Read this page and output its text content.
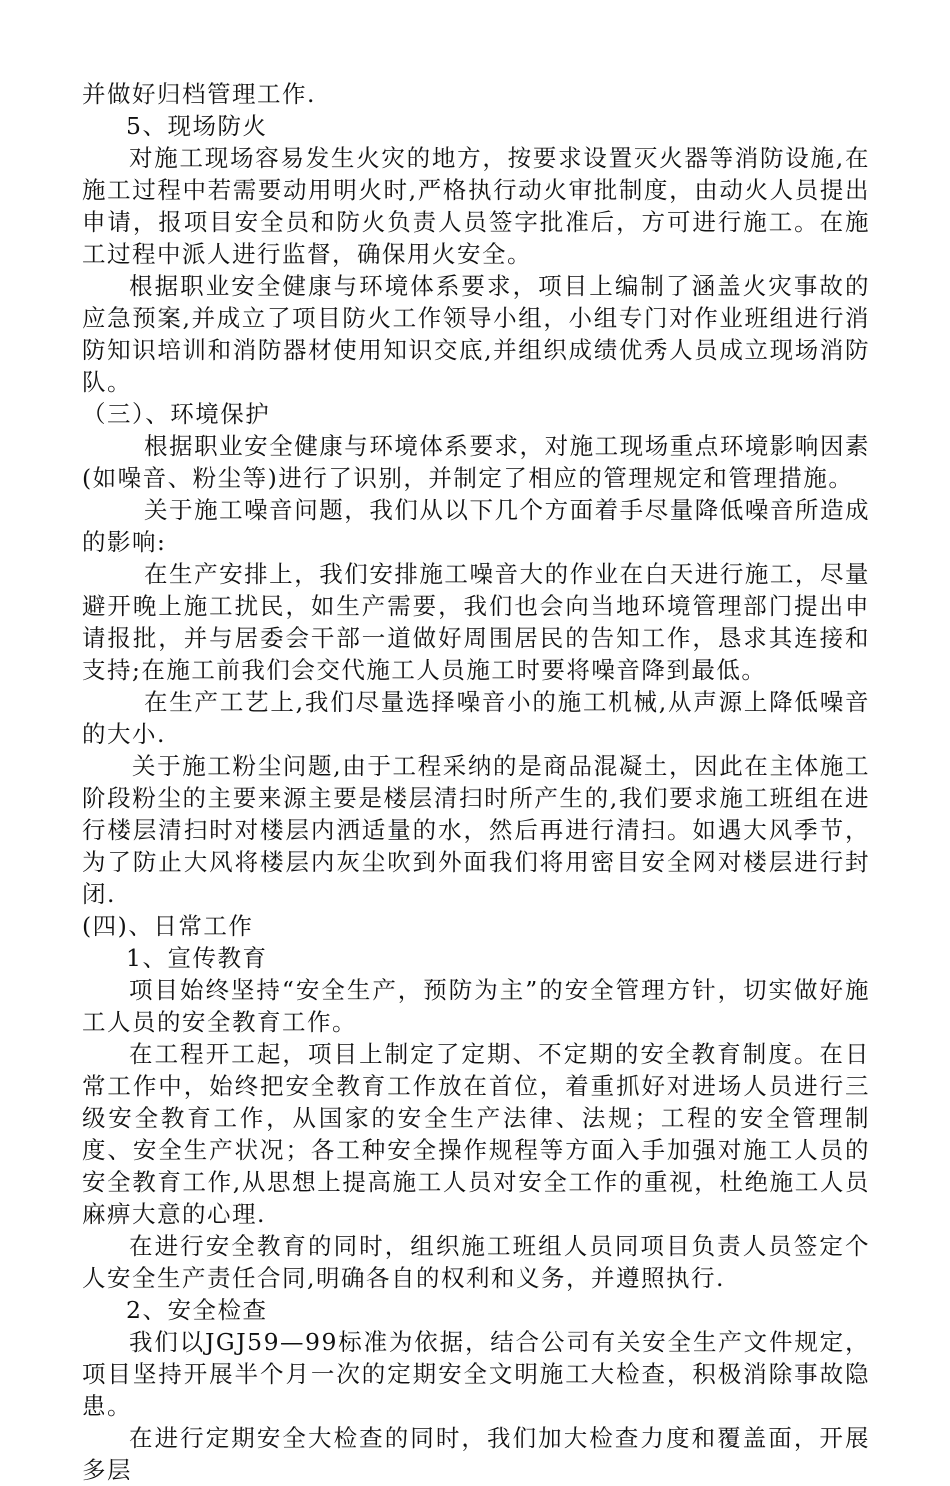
并做好归档管理工作.

5、现场防火

对施工现场容易发生火灾的地方，按要求设置灭火器等消防设施,在施工过程中若需要动用明火时,严格执行动火审批制度，由动火人员提出申请，报项目安全员和防火负责人员签字批准后，方可进行施工。在施工过程中派人进行监督，确保用火安全。

根据职业安全健康与环境体系要求，项目上编制了涵盖火灾事故的应急预案,并成立了项目防火工作领导小组，小组专门对作业班组进行消防知识培训和消防器材使用知识交底,并组织成绩优秀人员成立现场消防队。

（三）、环境保护

根据职业安全健康与环境体系要求，对施工现场重点环境影响因素(如噪音、粉尘等)进行了识别，并制定了相应的管理规定和管理措施。

关于施工噪音问题，我们从以下几个方面着手尽量降低噪音所造成的影响:

在生产安排上，我们安排施工噪音大的作业在白天进行施工，尽量避开晚上施工扰民，如生产需要，我们也会向当地环境管理部门提出申请报批，并与居委会干部一道做好周围居民的告知工作，恳求其连接和支持;在施工前我们会交代施工人员施工时要将噪音降到最低。

在生产工艺上,我们尽量选择噪音小的施工机械,从声源上降低噪音的大小.

关于施工粉尘问题,由于工程采纳的是商品混凝土，因此在主体施工阶段粉尘的主要来源主要是楼层清扫时所产生的,我们要求施工班组在进行楼层清扫时对楼层内洒适量的水，然后再进行清扫。如遇大风季节，为了防止大风将楼层内灰尘吹到外面我们将用密目安全网对楼层进行封闭.

(四)、日常工作

1、宣传教育

项目始终坚持“安全生产，预防为主”的安全管理方针，切实做好施工人员的安全教育工作。

在工程开工起，项目上制定了定期、不定期的安全教育制度。在日常工作中，始终把安全教育工作放在首位，着重抓好对进场人员进行三级安全教育工作，从国家的安全生产法律、法规；工程的安全管理制度、安全生产状况；各工种安全操作规程等方面入手加强对施工人员的安全教育工作,从思想上提高施工人员对安全工作的重视，杜绝施工人员麻痹大意的心理.

在进行安全教育的同时，组织施工班组人员同项目负责人员签定个人安全生产责任合同,明确各自的权利和义务，并遵照执行.

2、安全检查

我们以JGJ59—99标准为依据，结合公司有关安全生产文件规定，项目坚持开展半个月一次的定期安全文明施工大检查，积极消除事故隐患。

在进行定期安全大检查的同时，我们加大检查力度和覆盖面，开展多层
